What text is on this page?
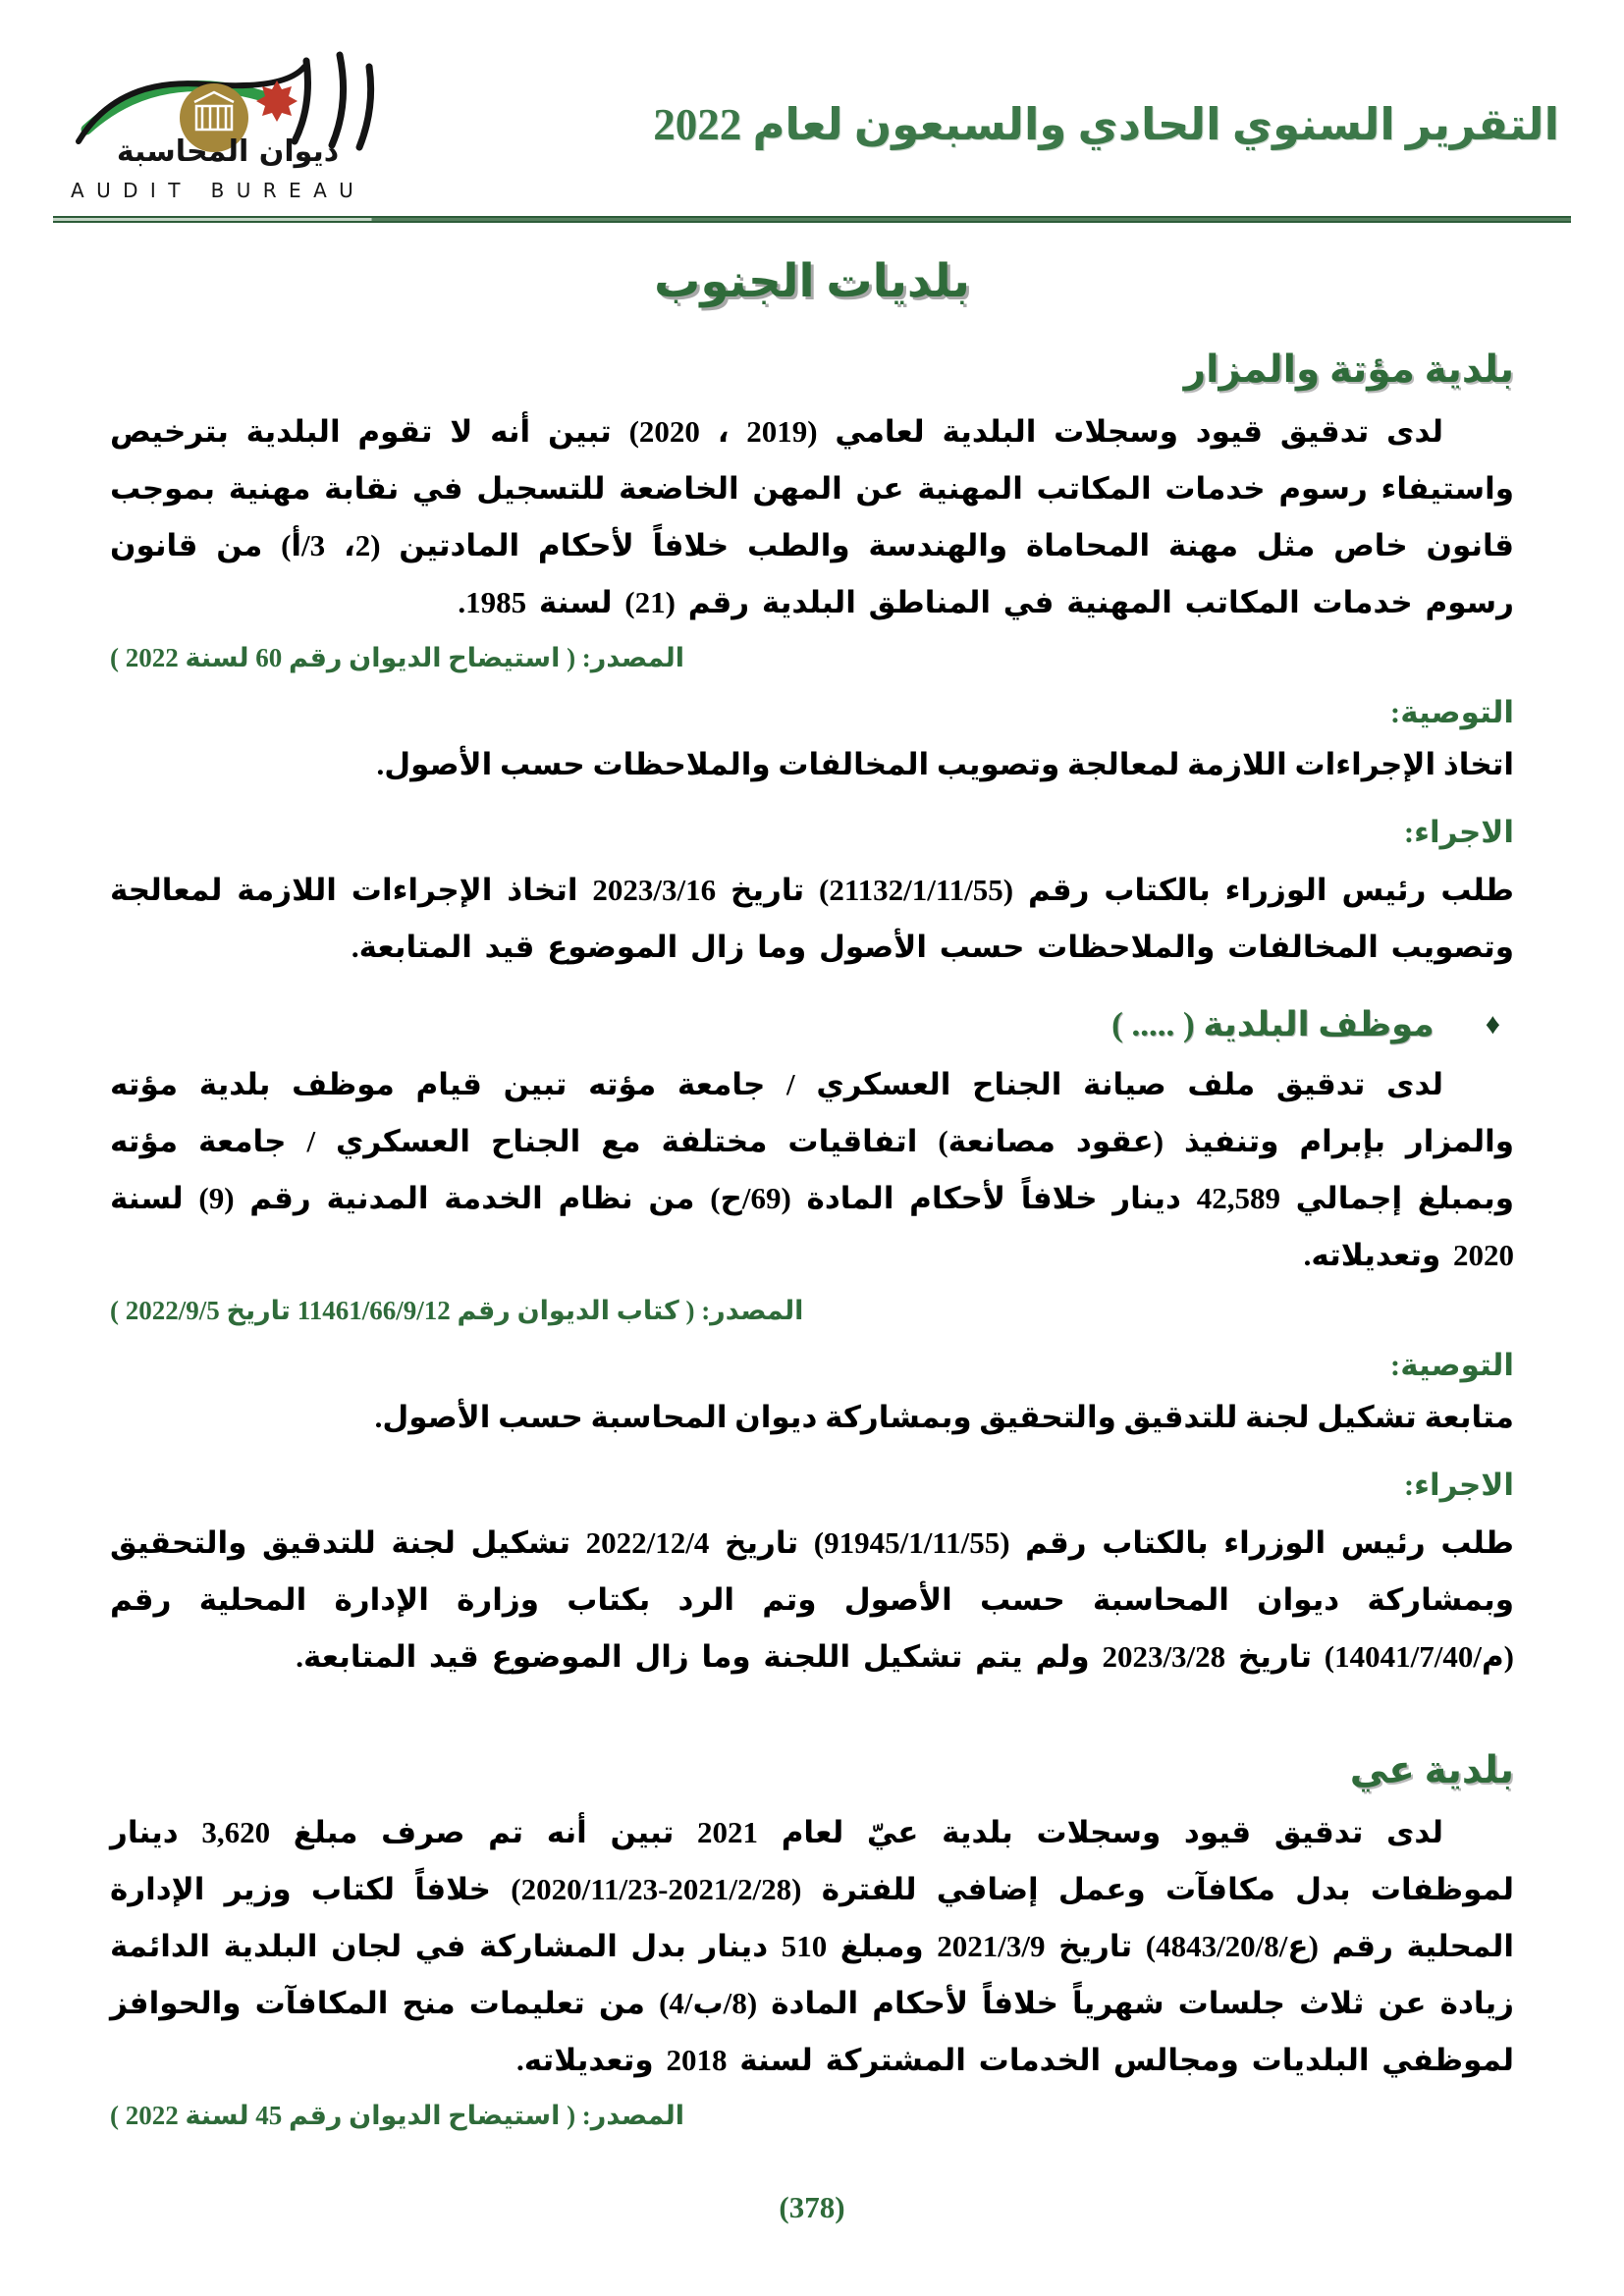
ديوان المحاسبة
AUDIT BUREAU
التقرير السنوي الحادي والسبعون لعام 2022
بلديات الجنوب
بلدية مؤتة والمزار

لدى تدقيق قيود وسجلات البلدية لعامي (2019 ، 2020) تبين أنه لا تقوم البلدية بترخيص واستيفاء رسوم خدمات المكاتب المهنية عن المهن الخاضعة للتسجيل في نقابة مهنية بموجب قانون خاص مثل مهنة المحاماة والهندسة والطب خلافاً لأحكام المادتين (2، 3/أ) من قانون رسوم خدمات المكاتب المهنية في المناطق البلدية رقم (21) لسنة 1985.

المصدر: ( استيضاح الديوان رقم 60 لسنة 2022 )
التوصية:

اتخاذ الإجراءات اللازمة لمعالجة وتصويب المخالفات والملاحظات حسب الأصول.

الاجراء:

طلب رئيس الوزراء بالكتاب رقم (21132/1/11/55) تاريخ 2023/3/16 اتخاذ الإجراءات اللازمة لمعالجة وتصويب المخالفات والملاحظات حسب الأصول وما زال الموضوع قيد المتابعة.

♦
موظف البلدية ( ..... )

لدى تدقيق ملف صيانة الجناح العسكري / جامعة مؤته تبين قيام موظف بلدية مؤته والمزار بإبرام وتنفيذ (عقود مصانعة) اتفاقيات مختلفة مع الجناح العسكري / جامعة مؤته وبمبلغ إجمالي 42,589 دينار خلافاً لأحكام المادة (69/ح) من نظام الخدمة المدنية رقم (9) لسنة 2020 وتعديلاته.

المصدر: ( كتاب الديوان رقم 11461/66/9/12 تاريخ 2022/9/5 )
التوصية:

متابعة تشكيل لجنة للتدقيق والتحقيق وبمشاركة ديوان المحاسبة حسب الأصول.

الاجراء:

طلب رئيس الوزراء بالكتاب رقم (91945/1/11/55) تاريخ 2022/12/4 تشكيل لجنة للتدقيق والتحقيق وبمشاركة ديوان المحاسبة حسب الأصول وتم الرد بكتاب وزارة الإدارة المحلية رقم (م/14041/7/40) تاريخ 2023/3/28 ولم يتم تشكيل اللجنة وما زال الموضوع قيد المتابعة.

بلدية عي

لدى تدقيق قيود وسجلات بلدية عيّ لعام 2021 تبين أنه تم صرف مبلغ 3,620 دينار لموظفات بدل مكافآت وعمل إضافي للفترة (2021/2/28-2020/11/23) خلافاً لكتاب وزير الإدارة المحلية رقم (ع/4843/20/8) تاريخ 2021/3/9 ومبلغ 510 دينار بدل المشاركة في لجان البلدية الدائمة زيادة عن ثلاث جلسات شهرياً خلافاً لأحكام المادة (8/ب/4) من تعليمات منح المكافآت والحوافز لموظفي البلديات ومجالس الخدمات المشتركة لسنة 2018 وتعديلاته.

المصدر: ( استيضاح الديوان رقم 45 لسنة 2022 )
(378)
